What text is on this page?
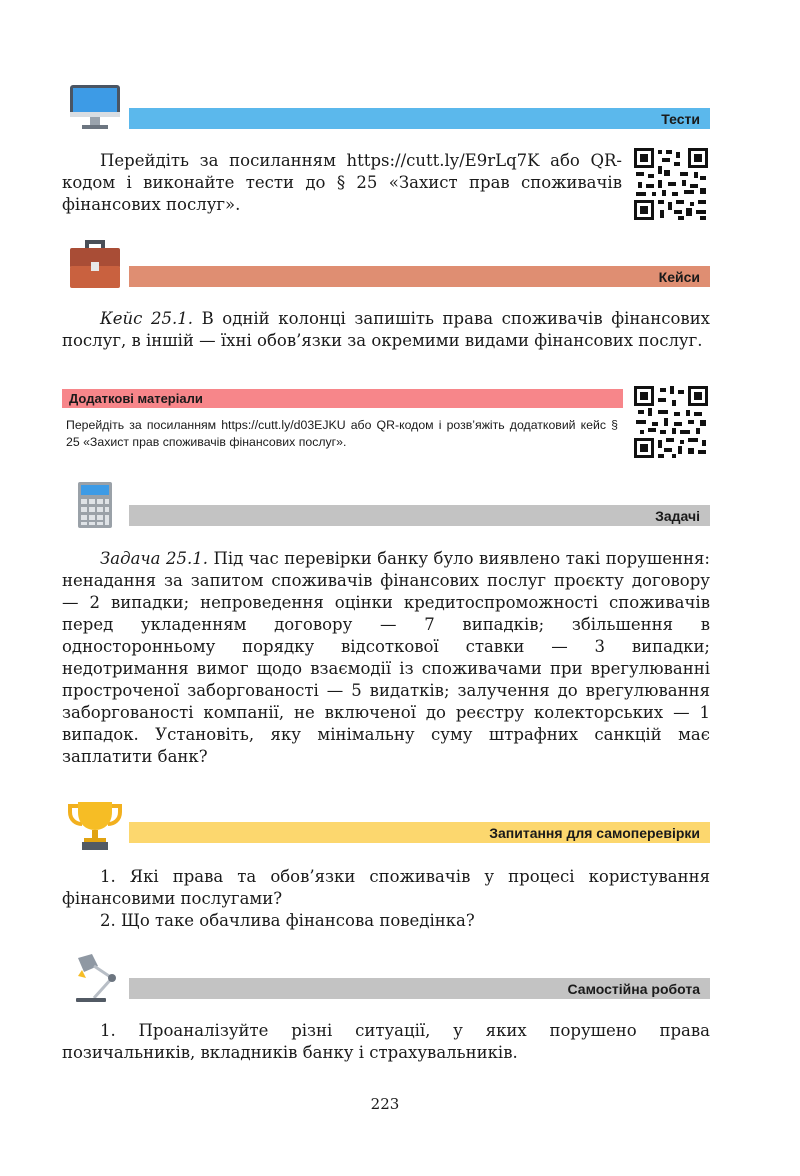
Тести
Перейдіть за посиланням https://cutt.ly/E9rLq7K або QR-кодом і виконайте тести до § 25 «Захист прав споживачів фінансових послуг».
Кейси
Кейс 25.1. В одній колонці запишіть права споживачів фінансових послуг, в іншій — їхні обов’язки за окремими видами фінансових послуг.
Додаткові матеріали
Перейдіть за посиланням https://cutt.ly/d03EJKU або QR-кодом і розв’яжіть додатковий кейс § 25 «Захист прав споживачів фінансових послуг».
Задачі
Задача 25.1. Під час перевірки банку було виявлено такі порушення: ненадання за запитом споживачів фінансових послуг проєкту договору — 2 випадки; непроведення оцінки кредитоспроможності споживачів перед укладенням договору — 7 випадків; збільшення в односторонньому порядку відсоткової ставки — 3 випадки; недотримання вимог щодо взаємодії із споживачами при врегулюванні простроченої заборгованості — 5 видатків; залучення до врегулювання заборгованості компанії, не включеної до реєстру колекторських — 1 випадок. Установіть, яку мінімальну суму штрафних санкцій має заплатити банк?
Запитання для самоперевірки

1. Які права та обов’язки споживачів у процесі користування фінансовими послугами?

2. Що таке обачлива фінансова поведінка?

Самостійна робота

1. Проаналізуйте різні ситуації, у яких порушено права позичальників, вкладників банку і страхувальників.

223
